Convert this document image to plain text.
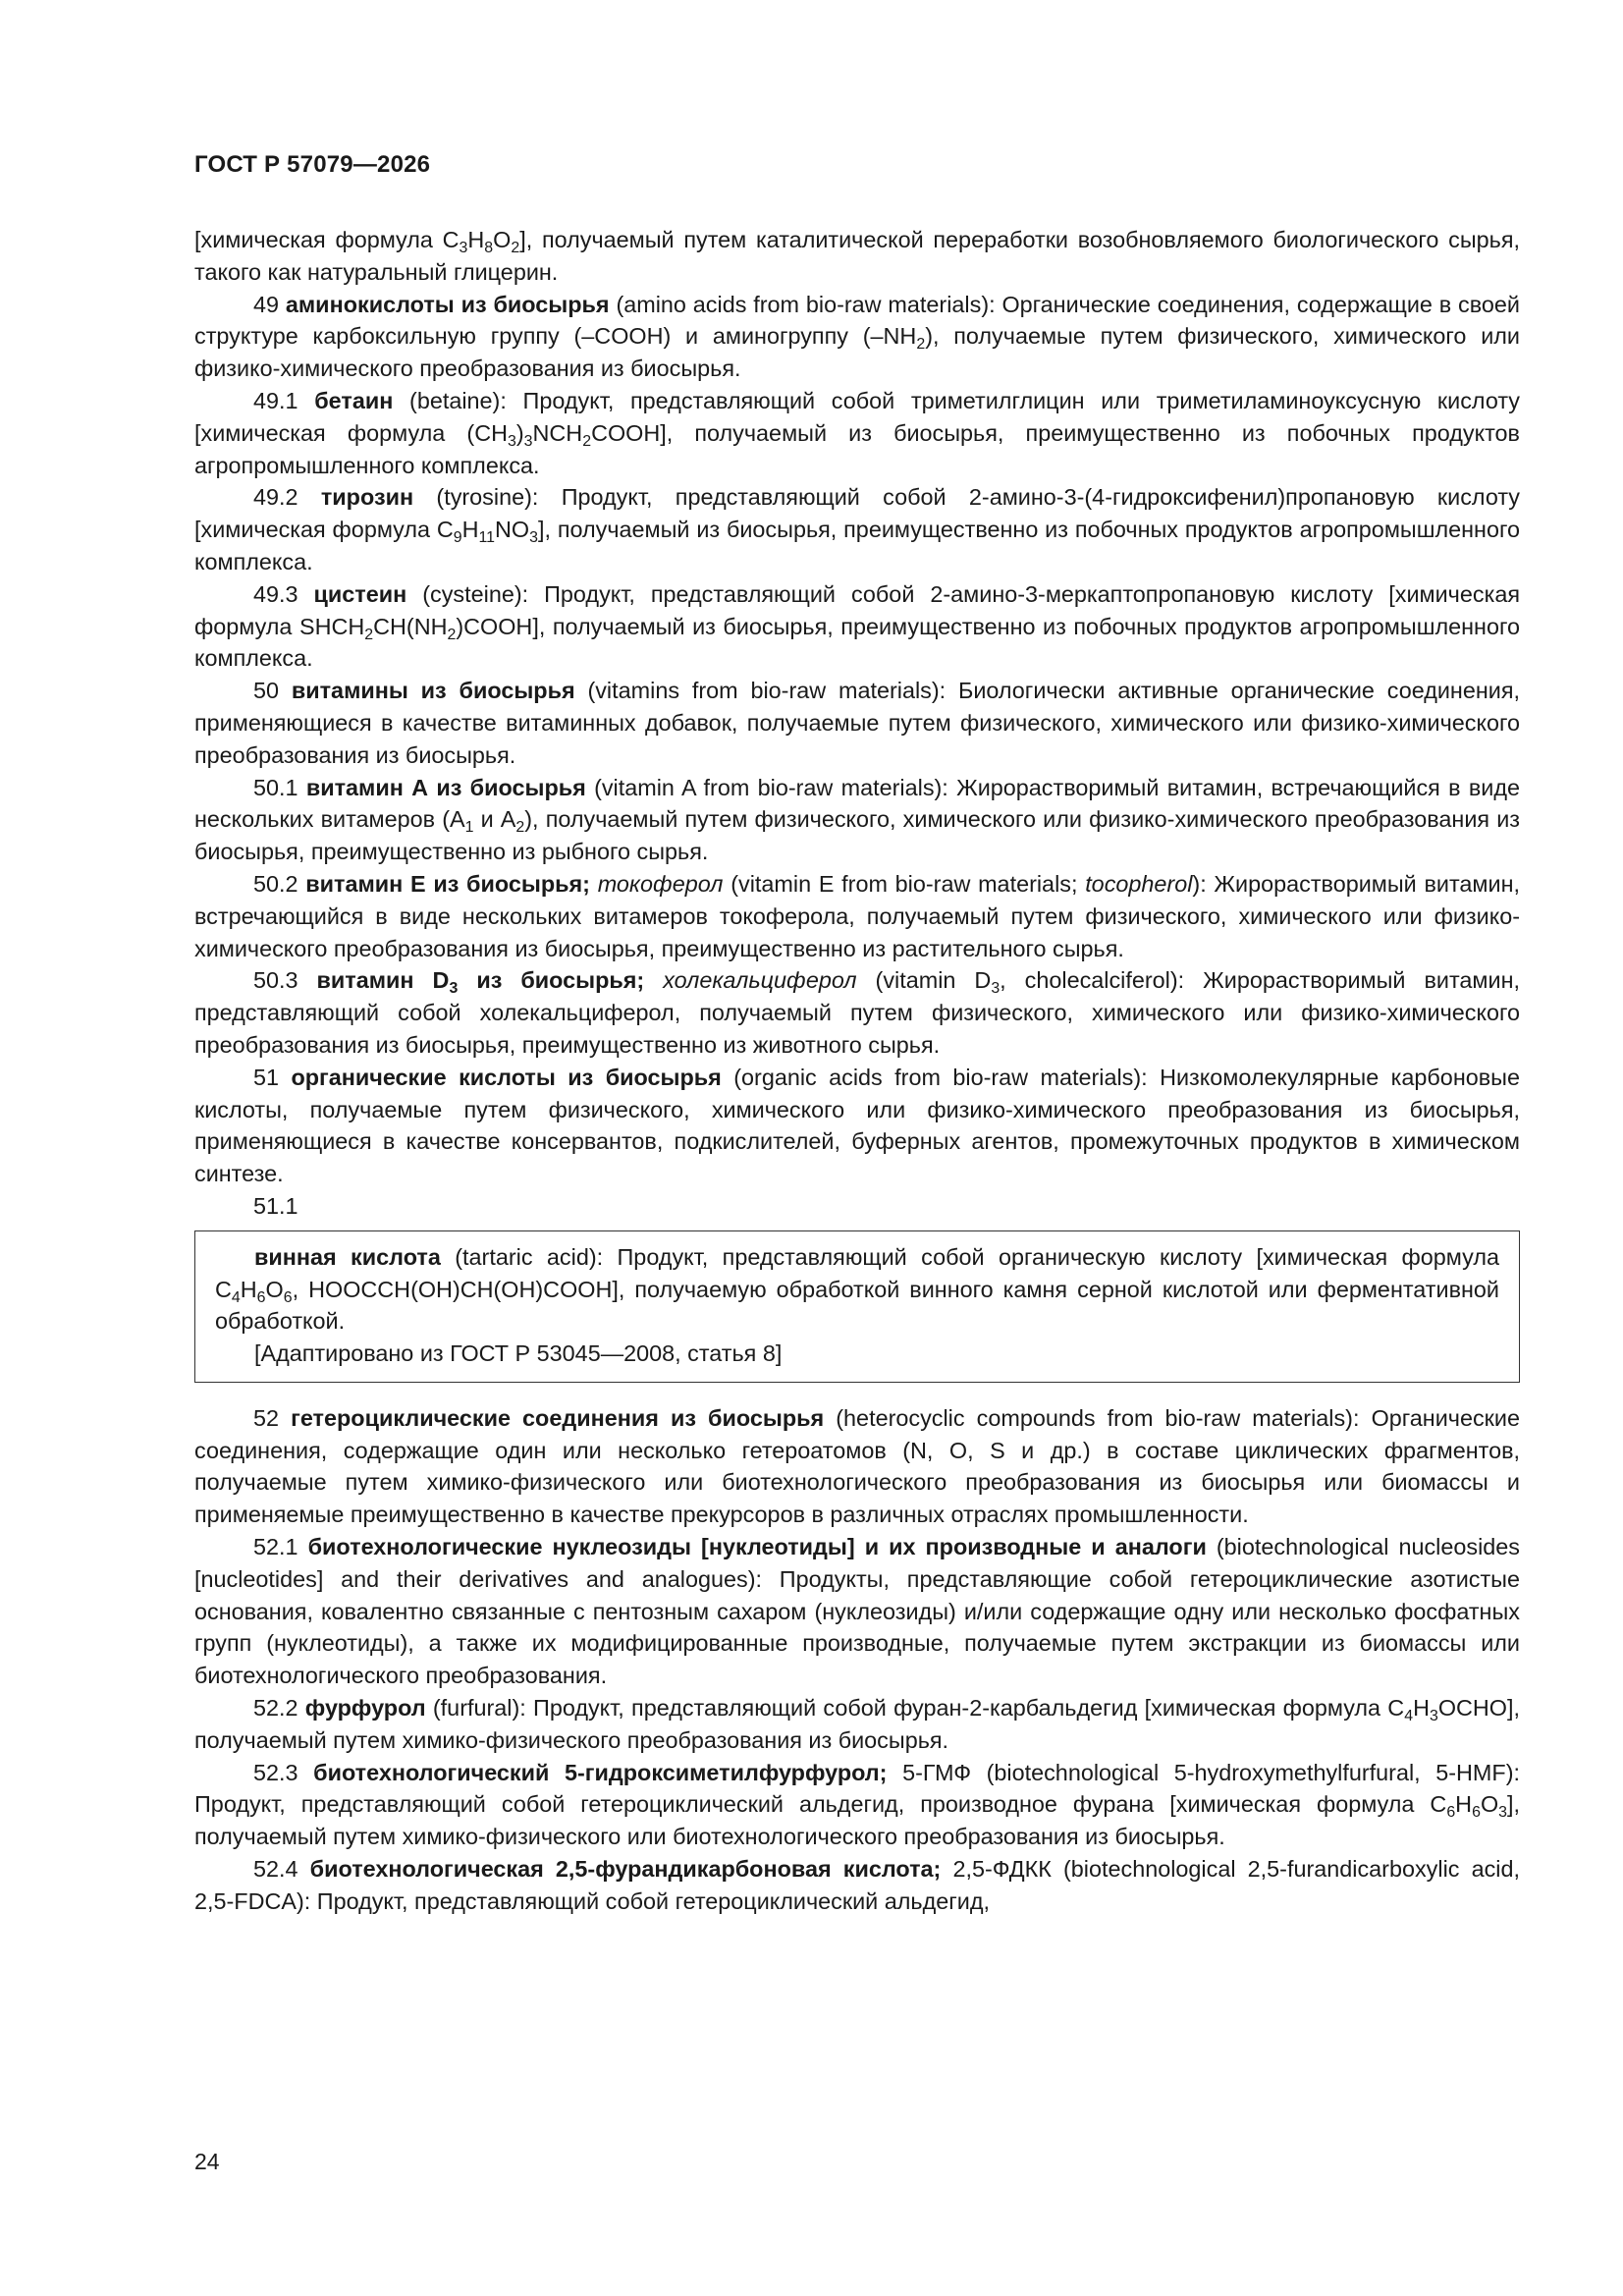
ГОСТ Р 57079—2026

[химическая формула $C_3H_8O_2$], получаемый путем каталитической переработки возобновляемого биологического сырья, такого как натуральный глицерин.

49 аминокислоты из биосырья (amino acids from bio-raw materials): Органические соединения, содержащие в своей структуре карбоксильную группу (–COOH) и аминогруппу $(-NH_2)$, получаемые путем физического, химического или физико-химического преобразования из биосырья.

49.1 бетаин (betaine): Продукт, представляющий собой триметилглицин или триметиламиноуксусную кислоту [химическая формула $(CH_3)_3NCH_2COOH$], получаемый из биосырья, преимущественно из побочных продуктов агропромышленного комплекса.

49.2 тирозин (tyrosine): Продукт, представляющий собой 2-амино-3-(4-гидроксифенил)пропановую кислоту [химическая формула $C_9H_{11}NO_3$], получаемый из биосырья, преимущественно из побочных продуктов агропромышленного комплекса.

49.3 цистеин (cysteine): Продукт, представляющий собой 2-амино-3-меркаптопропановую кислоту [химическая формула $SHCH_2CH(NH_2)COOH$], получаемый из биосырья, преимущественно из побочных продуктов агропромышленного комплекса.

50 витамины из биосырья (vitamins from bio-raw materials): Биологически активные органические соединения, применяющиеся в качестве витаминных добавок, получаемые путем физического, химического или физико-химического преобразования из биосырья.

50.1 витамин А из биосырья (vitamin A from bio-raw materials): Жирорастворимый витамин, встречающийся в виде нескольких витамеров ($A_1$ и $A_2$), получаемый путем физического, химического или физико-химического преобразования из биосырья, преимущественно из рыбного сырья.

50.2 витамин Е из биосырья; токоферол (vitamin E from bio-raw materials; tocopherol): Жирорастворимый витамин, встречающийся в виде нескольких витамеров токоферола, получаемый путем физического, химического или физико-химического преобразования из биосырья, преимущественно из растительного сырья.

50.3 витамин $D_3$ из биосырья; холекальциферол (vitamin $D_3$, cholecalciferol): Жирорастворимый витамин, представляющий собой холекальциферол, получаемый путем физического, химического или физико-химического преобразования из биосырья, преимущественно из животного сырья.

51 органические кислоты из биосырья (organic acids from bio-raw materials): Низкомолекулярные карбоновые кислоты, получаемые путем физического, химического или физико-химического преобразования из биосырья, применяющиеся в качестве консервантов, подкислителей, буферных агентов, промежуточных продуктов в химическом синтезе.

51.1

винная кислота (tartaric acid): Продукт, представляющий собой органическую кислоту [химическая формула $C_4H_6O_6$, HOOCCH(OH)CH(OH)COOH], получаемую обработкой винного камня серной кислотой или ферментативной обработкой.

[Адаптировано из ГОСТ Р 53045—2008, статья 8]

52 гетероциклические соединения из биосырья (heterocyclic compounds from bio-raw materials): Органические соединения, содержащие один или несколько гетероатомов (N, O, S и др.) в составе циклических фрагментов, получаемые путем химико-физического или биотехнологического преобразования из биосырья или биомассы и применяемые преимущественно в качестве прекурсоров в различных отраслях промышленности.

52.1 биотехнологические нуклеозиды [нуклеотиды] и их производные и аналоги (biotechnological nucleosides [nucleotides] and their derivatives and analogues): Продукты, представляющие собой гетероциклические азотистые основания, ковалентно связанные с пентозным сахаром (нуклеозиды) и/или содержащие одну или несколько фосфатных групп (нуклеотиды), а также их модифицированные производные, получаемые путем экстракции из биомассы или биотехнологического преобразования.

52.2 фурфурол (furfural): Продукт, представляющий собой фуран-2-карбальдегид [химическая формула $C_4H_3OCHO$], получаемый путем химико-физического преобразования из биосырья.

52.3 биотехнологический 5-гидроксиметилфурфурол; 5-ГМФ (biotechnological 5-hydroxymethylfurfural, 5-HMF): Продукт, представляющий собой гетероциклический альдегид, производное фурана [химическая формула $C_6H_6O_3$], получаемый путем химико-физического или биотехнологического преобразования из биосырья.

52.4 биотехнологическая 2,5-фурандикарбоновая кислота; 2,5-ФДКК (biotechnological 2,5-furandicarboxylic acid, 2,5-FDCA): Продукт, представляющий собой гетероциклический альдегид,

24
